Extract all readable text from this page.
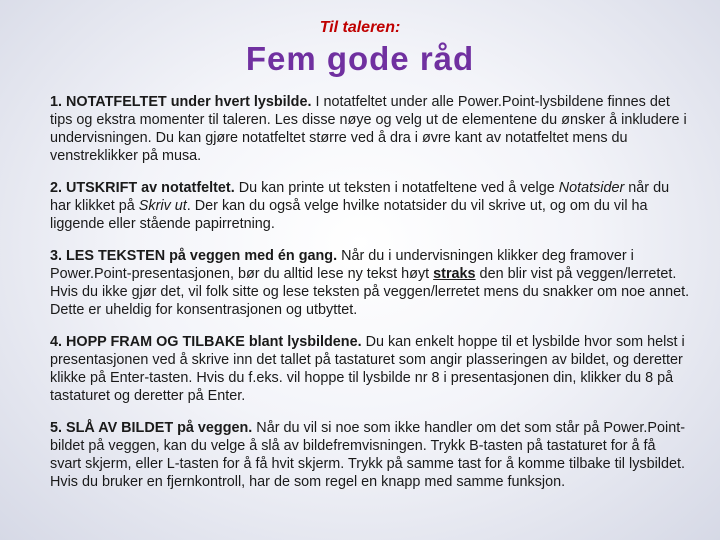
Til taleren:
Fem gode råd

1. NOTATFELTET under hvert lysbilde. I notatfeltet under alle Power.Point-lysbildene finnes det tips og ekstra momenter til taleren. Les disse nøye og velg ut de elementene du ønsker å inkludere i undervisningen. Du kan gjøre notatfeltet større ved å dra i øvre kant av notatfeltet mens du venstreklikker på musa.

2. UTSKRIFT av notatfeltet. Du kan printe ut teksten i notatfeltene ved å velge Notatsider når du har klikket på Skriv ut. Der kan du også velge hvilke notatsider du vil skrive ut, og om du vil ha liggende eller stående papirretning.

3. LES TEKSTEN på veggen med én gang. Når du i undervisningen klikker deg framover i Power.Point-presentasjonen, bør du alltid lese ny tekst høyt straks den blir vist på veggen/lerretet. Hvis du ikke gjør det, vil folk sitte og lese teksten på veggen/lerretet mens du snakker om noe annet. Dette er uheldig for konsentrasjonen og utbyttet.

4. HOPP FRAM OG TILBAKE blant lysbildene. Du kan enkelt hoppe til et lysbilde hvor som helst i presentasjonen ved å skrive inn det tallet på tastaturet som angir plasseringen av bildet, og deretter klikke på Enter-tasten. Hvis du f.eks. vil hoppe til lysbilde nr 8 i presentasjonen din, klikker du 8 på tastaturet og deretter på Enter.

5. SLÅ AV BILDET på veggen. Når du vil si noe som ikke handler om det som står på Power.Point-bildet på veggen, kan du velge å slå av bildefremvisningen. Trykk B-tasten på tastaturet for å få svart skjerm, eller L-tasten for å få hvit skjerm. Trykk på samme tast for å komme tilbake til lysbildet. Hvis du bruker en fjernkontroll, har de som regel en knapp med samme funksjon.
